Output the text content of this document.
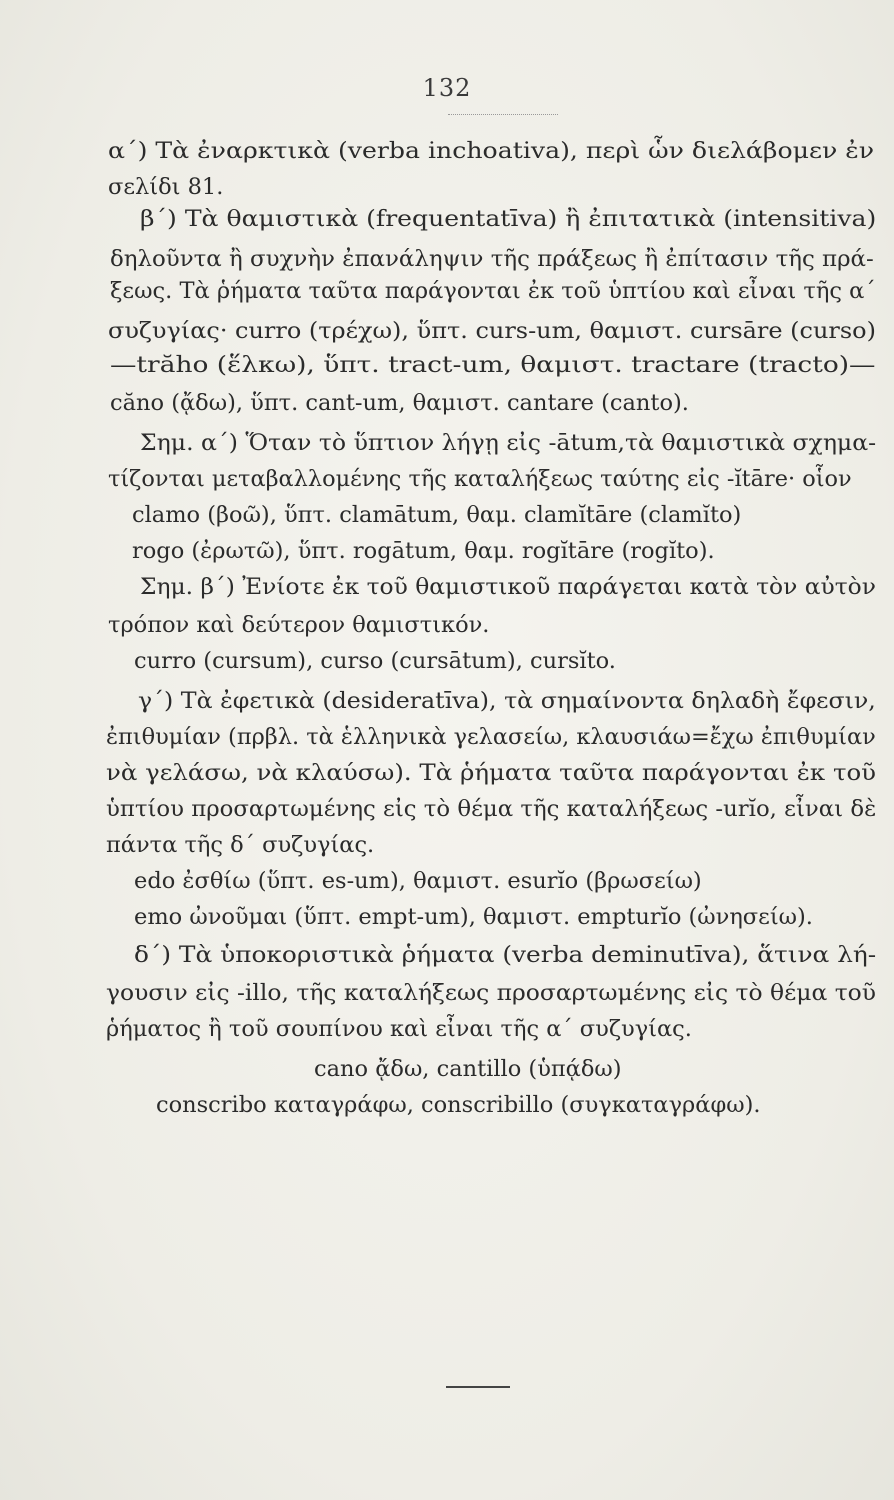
132
α΄) Τὰ ἐναρκτικὰ (verba inchoativa), περὶ ὧν διελάβομεν ἐν
σελίδι 81.
β΄) Τὰ θαμιστικὰ (frequentatīva) ἢ ἐπιτατικὰ (intensitiva)
δηλοῦντα ἢ συχνὴν ἐπανάληψιν τῆς πράξεως ἢ ἐπίτασιν τῆς πρά-
ξεως. Τὰ ῥήματα ταῦτα παράγονται ἐκ τοῦ ὑπτίου καὶ εἶναι τῆς α΄
συζυγίας· curro (τρέχω), ὕπτ. curs-um, θαμιστ. cursāre (curso)
—trăho (ἕλκω), ὕπτ. tract-um, θαμιστ. tractare (tracto)—
căno (ᾄδω), ὕπτ. cant-um, θαμιστ. cantare (canto).
Σημ. α΄) Ὅταν τὸ ὕπτιον λήγῃ εἰς -ātum,τὰ θαμιστικὰ σχημα-
τίζονται μεταβαλλομένης τῆς καταλήξεως ταύτης εἰς -ĭtāre· οἷον
clamo (βοῶ), ὕπτ. clamātum, θαμ. clamĭtāre (clamĭto)
rogo (ἐρωτῶ), ὕπτ. rogātum, θαμ. rogĭtāre (rogĭto).
Σημ. β΄) Ἐνίοτε ἐκ τοῦ θαμιστικοῦ παράγεται κατὰ τὸν αὐτὸν
τρόπον καὶ δεύτερον θαμιστικόν.
curro (cursum), curso (cursātum), cursĭto.
γ΄) Τὰ ἐφετικὰ (desideratīva), τὰ σημαίνοντα δηλαδὴ ἔφεσιν,
ἐπιθυμίαν (πρβλ. τὰ ἑλληνικὰ γελασείω, κλαυσιάω=ἔχω ἐπιθυμίαν
νὰ γελάσω, νὰ κλαύσω). Τὰ ῥήματα ταῦτα παράγονται ἐκ τοῦ
ὑπτίου προσαρτωμένης εἰς τὸ θέμα τῆς καταλήξεως -urĭo, εἶναι δὲ
πάντα τῆς δ΄ συζυγίας.
edo ἐσθίω (ὕπτ. es-um), θαμιστ. esurĭo (βρωσείω)
emo ὠνοῦμαι (ὕπτ. empt-um), θαμιστ. empturĭo (ὠνησείω).
δ΄) Τὰ ὑποκοριστικὰ ῥήματα (verba deminutīva), ἅτινα λή-
γουσιν εἰς -illo, τῆς καταλήξεως προσαρτωμένης εἰς τὸ θέμα τοῦ
ῥήματος ἢ τοῦ σουπίνου καὶ εἶναι τῆς α΄ συζυγίας.
cano ᾄδω, cantillo (ὑπᾴδω)
conscribo καταγράφω, conscribillo (συγκαταγράφω).
